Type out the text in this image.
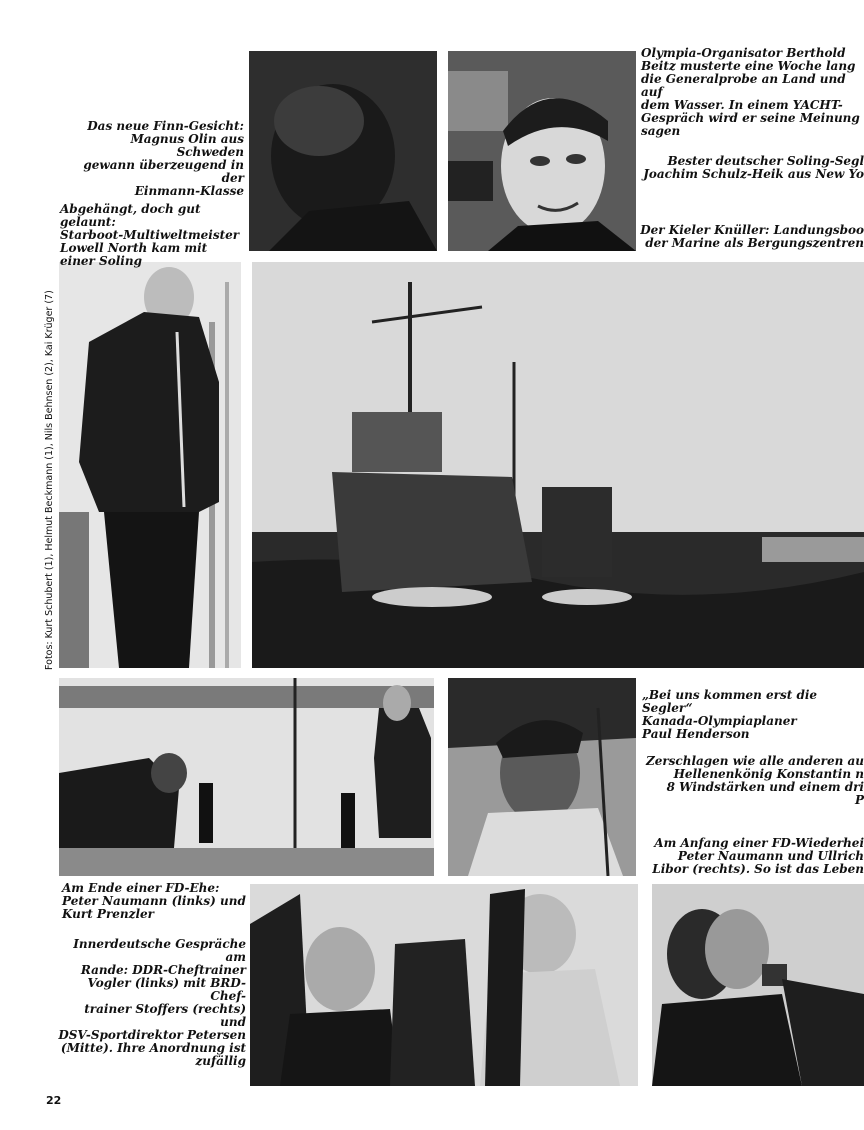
Das neue Finn-Gesicht:
Magnus Olin aus Schweden
gewann überzeugend in der
Einmann-Klasse
Abgehängt, doch gut gelaunt:
Starboot-Multiweltmeister
Lowell North kam mit
einer Soling
Olympia-Organisator Berthold
Beitz musterte eine Woche lang
die Generalprobe an Land und auf
dem Wasser. In einem YACHT-
Gespräch wird er seine Meinung
sagen
Bester deutscher Soling-Segl
Joachim Schulz-Heik aus New Yo
Der Kieler Knüller: Landungsboo
der Marine als Bergungszentren
„Bei uns kommen erst die Segler“
Kanada-Olympiaplaner
Paul Henderson
Zerschlagen wie alle anderen au
Hellenenkönig Konstantin n
8 Windstärken und einem dri
P
Am Anfang einer FD-Wiederhei
Peter Naumann und Ullrich
Libor (rechts). So ist das Leben
Am Ende einer FD-Ehe:
Peter Naumann (links) und
Kurt Prenzler
Innerdeutsche Gespräche am
Rande: DDR-Cheftrainer
Vogler (links) mit BRD-Chef-
trainer Stoffers (rechts) und
DSV-Sportdirektor Petersen
(Mitte). Ihre Anordnung ist
zufällig
Fotos: Kurt Schubert (1), Helmut Beckmann (1), Nils Behnsen (2), Kai Krüger (7)
22
